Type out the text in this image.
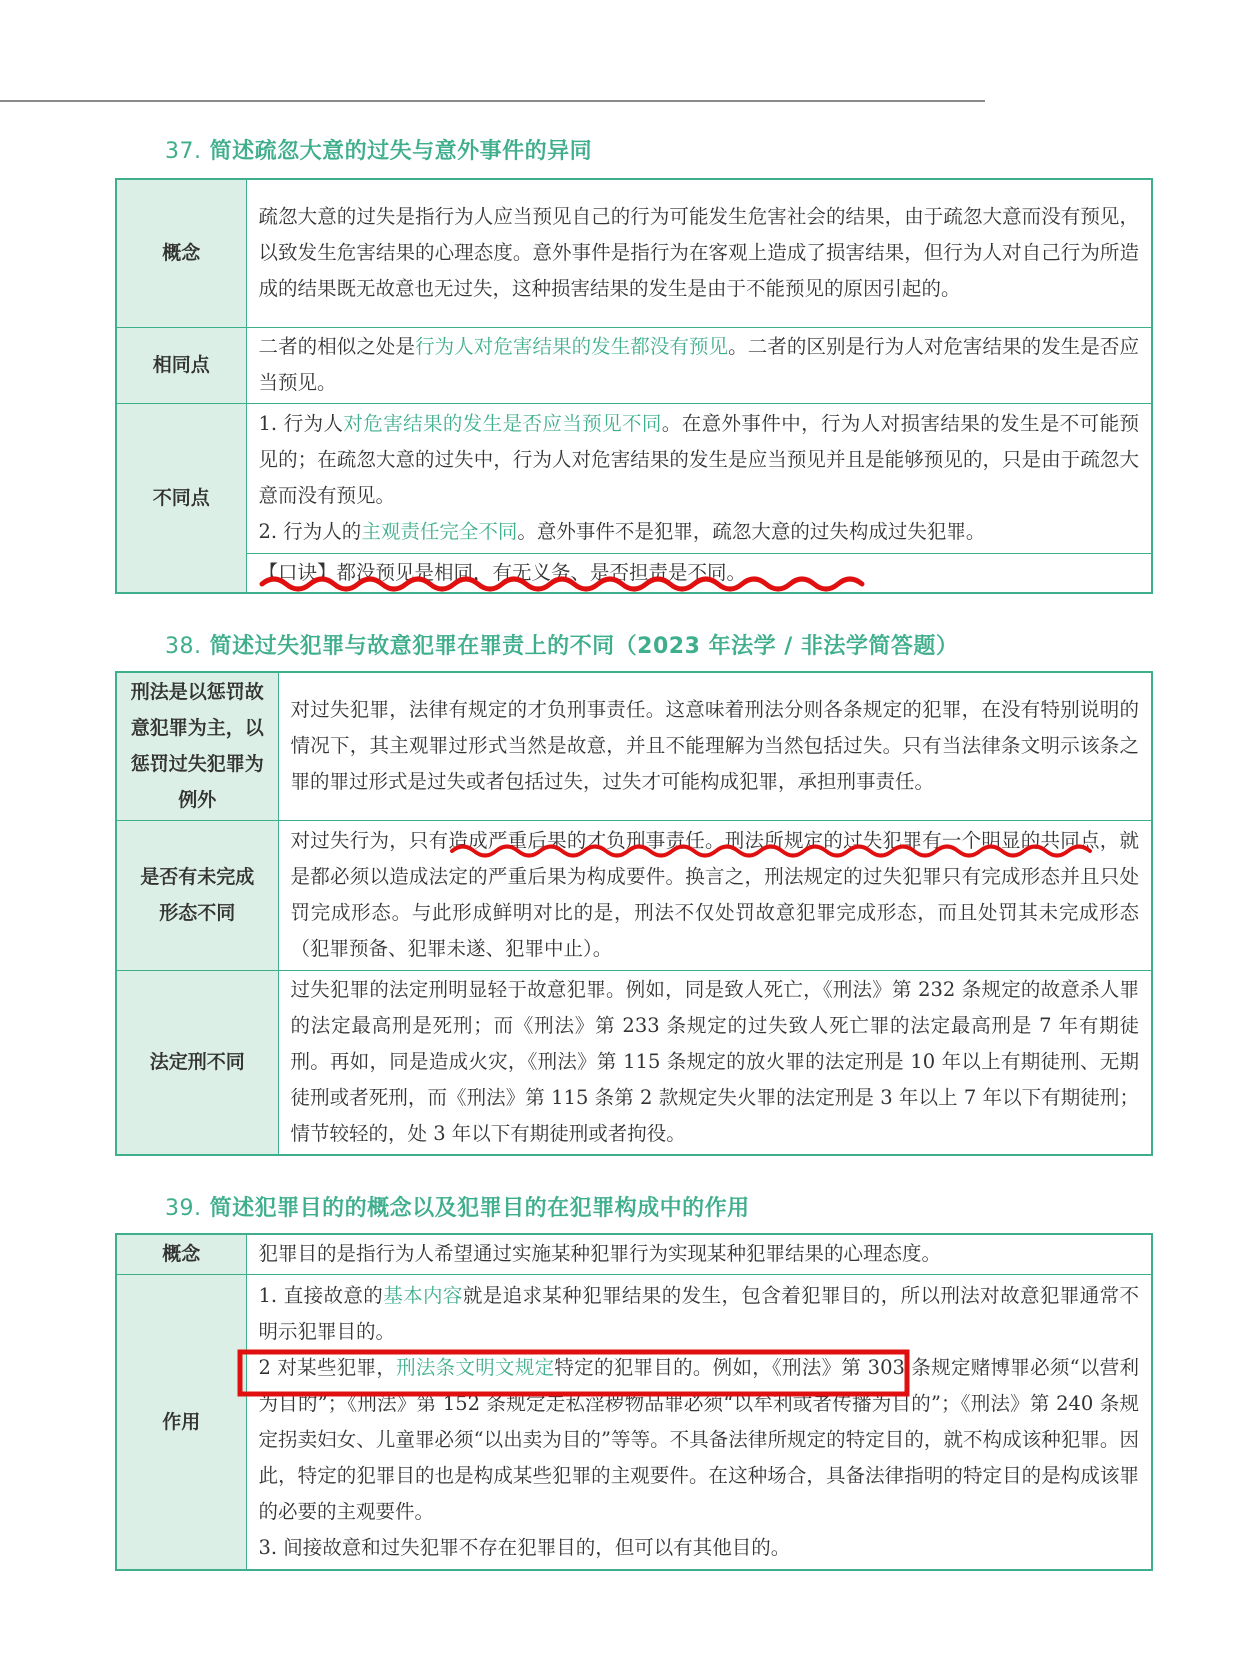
37. 简述疏忽大意的过失与意外事件的异同
概念	疏忽大意的过失是指行为人应当预见自己的行为可能发生危害社会的结果，由于疏忽大意而没有预见，以致发生危害结果的心理态度。意外事件是指行为在客观上造成了损害结果，但行为人对自己行为所造成的结果既无故意也无过失，这种损害结果的发生是由于不能预见的原因引起的。

相同点	二者的相似之处是行为人对危害结果的发生都没有预见。二者的区别是行为人对危害结果的发生是否应当预见。

不同点	1. 行为人对危害结果的发生是否应当预见不同。在意外事件中，行为人对损害结果的发生是不可能预见的；在疏忽大意的过失中，行为人对危害结果的发生是应当预见并且是能够预见的，只是由于疏忽大意而没有预见。

2. 行为人的主观责任完全不同。意外事件不是犯罪，疏忽大意的过失构成过失犯罪。

	【口诀】都没预见是相同，有无义务、是否担责是不同。
38. 简述过失犯罪与故意犯罪在罪责上的不同（2023 年法学 / 非法学简答题）
刑法是以惩罚故意犯罪为主，以惩罚过失犯罪为例外	对过失犯罪，法律有规定的才负刑事责任。这意味着刑法分则各条规定的犯罪，在没有特别说明的情况下，其主观罪过形式当然是故意，并且不能理解为当然包括过失。只有当法律条文明示该条之罪的罪过形式是过失或者包括过失，过失才可能构成犯罪，承担刑事责任。

是否有未完成形态不同	对过失行为，只有造成严重后果的才负刑事责任。刑法所规定的过失犯罪有一个明显的共同点，就是都必须以造成法定的严重后果为构成要件。换言之，刑法规定的过失犯罪只有完成形态并且只处罚完成形态。与此形成鲜明对比的是，刑法不仅处罚故意犯罪完成形态，而且处罚其未完成形态（犯罪预备、犯罪未遂、犯罪中止）。

法定刑不同	过失犯罪的法定刑明显轻于故意犯罪。例如，同是致人死亡，《刑法》第 232 条规定的故意杀人罪的法定最高刑是死刑；而《刑法》第 233 条规定的过失致人死亡罪的法定最高刑是 7 年有期徒刑。再如，同是造成火灾，《刑法》第 115 条规定的放火罪的法定刑是 10 年以上有期徒刑、无期徒刑或者死刑，而《刑法》第 115 条第 2 款规定失火罪的法定刑是 3 年以上 7 年以下有期徒刑；情节较轻的，处 3 年以下有期徒刑或者拘役。

39. 简述犯罪目的的概念以及犯罪目的在犯罪构成中的作用
概念	犯罪目的是指行为人希望通过实施某种犯罪行为实现某种犯罪结果的心理态度。

作用	1. 直接故意的基本内容就是追求某种犯罪结果的发生，包含着犯罪目的，所以刑法对故意犯罪通常不明示犯罪目的。

2 对某些犯罪，刑法条文明文规定特定的犯罪目的。例如，《刑法》第 303 条规定赌博罪必须“以营利为目的”；《刑法》第 152 条规定走私淫秽物品罪必须“以牟利或者传播为目的”；《刑法》第 240 条规定拐卖妇女、儿童罪必须“以出卖为目的”等等。不具备法律所规定的特定目的，就不构成该种犯罪。因此，特定的犯罪目的也是构成某些犯罪的主观要件。在这种场合，具备法律指明的特定目的是构成该罪的必要的主观要件。

3. 间接故意和过失犯罪不存在犯罪目的，但可以有其他目的。
